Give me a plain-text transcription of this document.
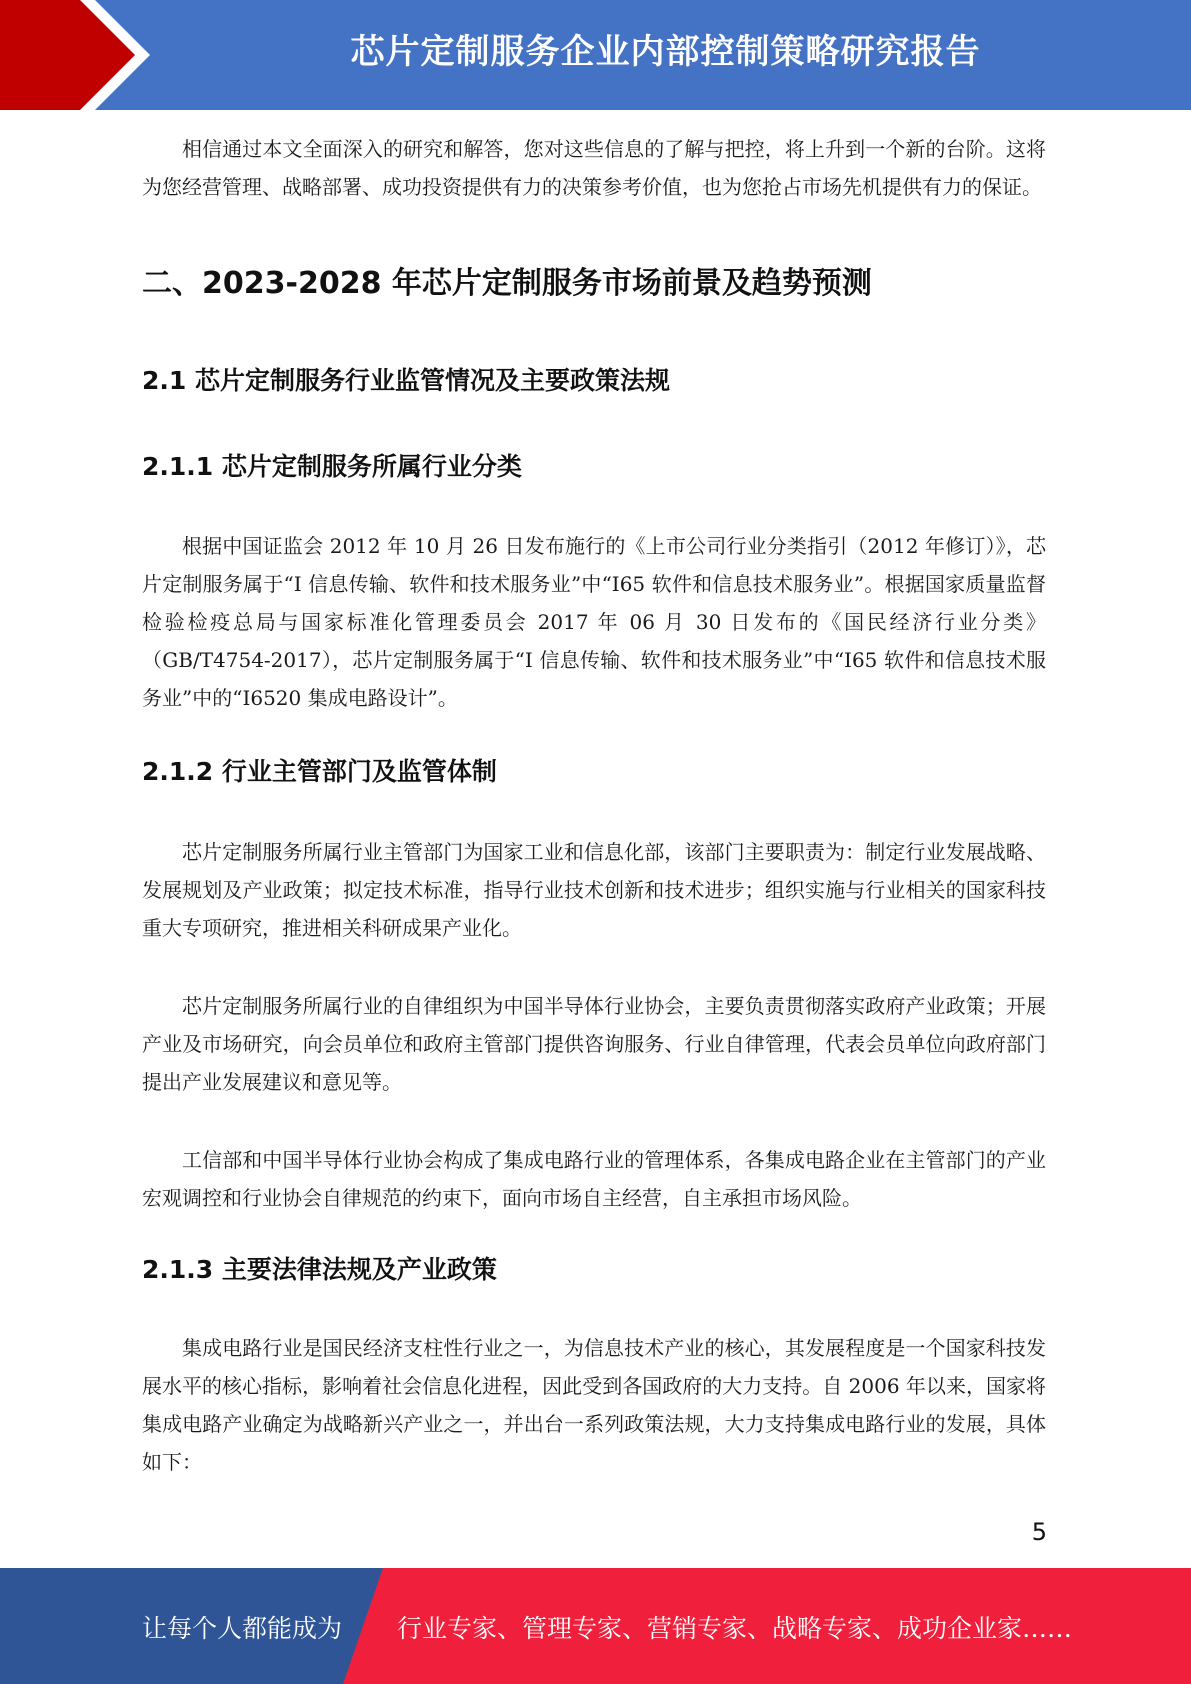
芯片定制服务企业内部控制策略研究报告

相信通过本文全面深入的研究和解答，您对这些信息的了解与把控，将上升到一个新的台阶。这将为您经营管理、战略部署、成功投资提供有力的决策参考价值，也为您抢占市场先机提供有力的保证。

二、2023-2028 年芯片定制服务市场前景及趋势预测
2.1 芯片定制服务行业监管情况及主要政策法规
2.1.1 芯片定制服务所属行业分类

根据中国证监会 2012 年 10 月 26 日发布施行的《上市公司行业分类指引（2012 年修订）》，芯片定制服务属于“I 信息传输、软件和技术服务业”中“I65 软件和信息技术服务业”。根据国家质量监督检验检疫总局与国家标准化管理委员会 2017 年 06 月 30 日发布的《国民经济行业分类》（GB/T4754-2017），芯片定制服务属于“I 信息传输、软件和技术服务业”中“I65 软件和信息技术服务业”中的“I6520 集成电路设计”。

2.1.2 行业主管部门及监管体制

芯片定制服务所属行业主管部门为国家工业和信息化部，该部门主要职责为：制定行业发展战略、发展规划及产业政策；拟定技术标准，指导行业技术创新和技术进步；组织实施与行业相关的国家科技重大专项研究，推进相关科研成果产业化。

芯片定制服务所属行业的自律组织为中国半导体行业协会，主要负责贯彻落实政府产业政策；开展产业及市场研究，向会员单位和政府主管部门提供咨询服务、行业自律管理，代表会员单位向政府部门提出产业发展建议和意见等。

工信部和中国半导体行业协会构成了集成电路行业的管理体系，各集成电路企业在主管部门的产业宏观调控和行业协会自律规范的约束下，面向市场自主经营，自主承担市场风险。

2.1.3 主要法律法规及产业政策

集成电路行业是国民经济支柱性行业之一，为信息技术产业的核心，其发展程度是一个国家科技发展水平的核心指标，影响着社会信息化进程，因此受到各国政府的大力支持。自 2006 年以来，国家将集成电路产业确定为战略新兴产业之一，并出台一系列政策法规，大力支持集成电路行业的发展，具体如下：

5
让每个人都能成为 行业专家、管理专家、营销专家、战略专家、成功企业家……
